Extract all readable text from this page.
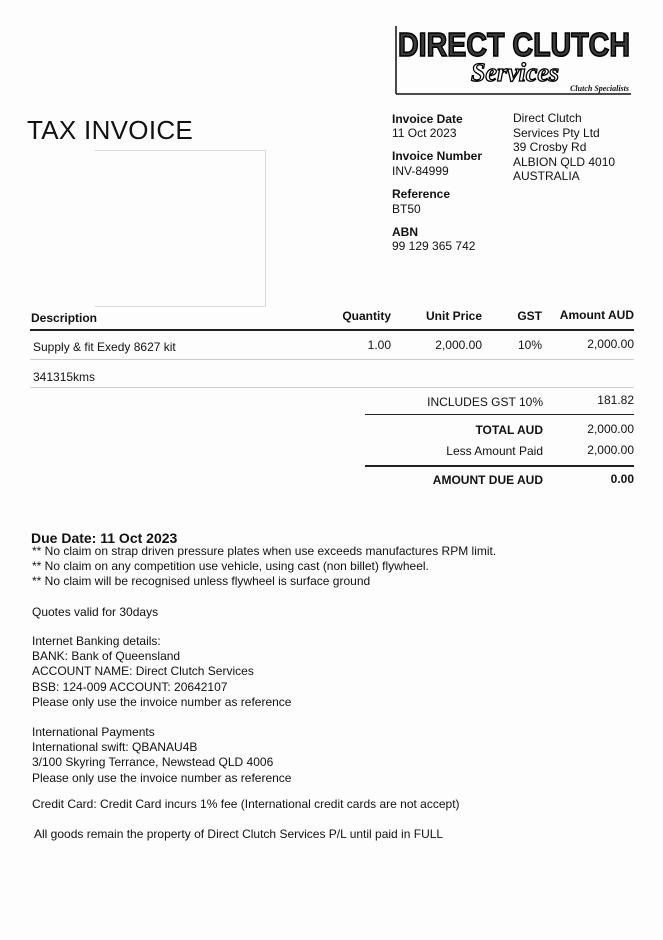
DIRECT CLUTCH
Services
Clutch Specialists
TAX INVOICE	Invoice Date
11 Oct 2023
Invoice Number
INV-84999
Reference
BT50
ABN
99 129 365 742
Direct Clutch
Services Pty Ltd
39 Crosby Rd
ALBION QLD 4010
AUSTRALIA
Description	Quantity	Unit Price	GST	Amount AUD
Supply & fit Exedy 8627 kit	1.00	2,000.00	10%	2,000.00
341315kms
INCLUDES GST 10%	181.82
TOTAL AUD	2,000.00
Less Amount Paid	2,000.00
AMOUNT DUE AUD	0.00
Due Date: 11 Oct 2023
** No claim on strap driven pressure plates when use exceeds manufactures RPM limit.
** No claim on any competition use vehicle, using cast (non billet) flywheel.
** No claim will be recognised unless flywheel is surface ground
Quotes valid for 30days
Internet Banking details:
BANK: Bank of Queensland
ACCOUNT NAME: Direct Clutch Services
BSB: 124-009 ACCOUNT: 20642107
Please only use the invoice number as reference
International Payments
International swift: QBANAU4B
3/100 Skyring Terrance, Newstead QLD 4006
Please only use the invoice number as reference
Credit Card: Credit Card incurs 1% fee (International credit cards are not accept)
All goods remain the property of Direct Clutch Services P/L until paid in FULL
